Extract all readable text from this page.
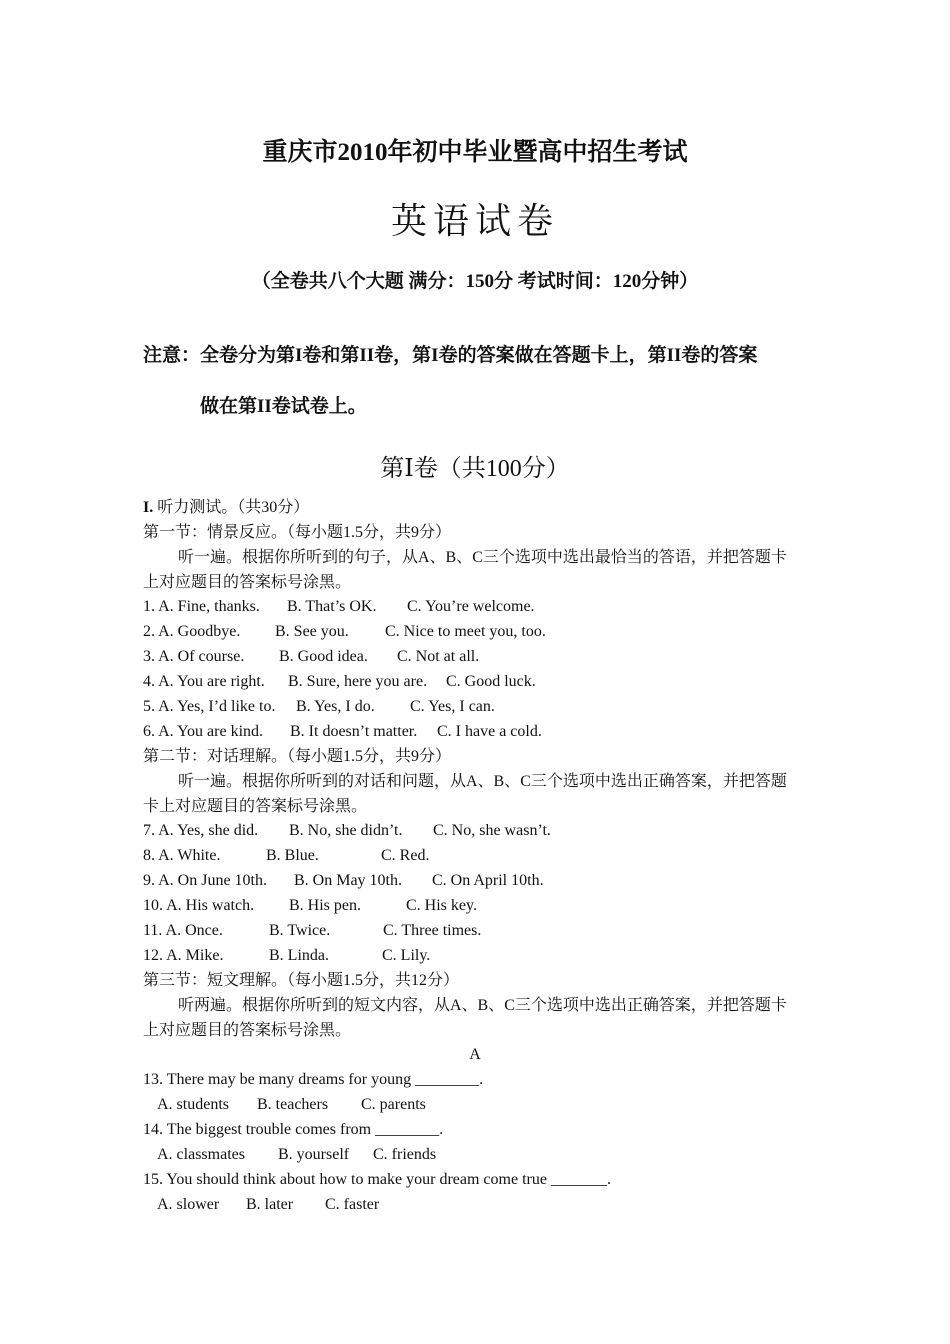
重庆市2010年初中毕业暨高中招生考试
英语试卷
（全卷共八个大题 满分：150分 考试时间：120分钟）
注意：全卷分为第I卷和第II卷，第I卷的答案做在答题卡上，第II卷的答案
做在第II卷试卷上。
第Ⅰ卷（共100分）
I. 听力测试。（共30分）
第一节：情景反应。（每小题1.5分，共9分）
听一遍。根据你所听到的句子，从A、B、C三个选项中选出最恰当的答语，并把答题卡
上对应题目的答案标号涂黑。
1. A. Fine, thanks. B. That’s OK. C. You’re welcome.
2. A. Goodbye. B. See you. C. Nice to meet you, too.
3. A. Of course. B. Good idea. C. Not at all.
4. A. You are right. B. Sure, here you are. C. Good luck.
5. A. Yes, I’d like to. B. Yes, I do. C. Yes, I can.
6. A. You are kind. B. It doesn’t matter. C. I have a cold.
第二节：对话理解。（每小题1.5分，共9分）
听一遍。根据你所听到的对话和问题，从A、B、C三个选项中选出正确答案，并把答题
卡上对应题目的答案标号涂黑。
7. A. Yes, she did. B. No, she didn’t. C. No, she wasn’t.
8. A. White.	B. Blue.	C. Red.
9. A. On June 10th. B. On May 10th. C. On April 10th.
10. A. His watch. B. His pen.	C. His key.
11. A. Once.	B. Twice.	C. Three times.
12. A. Mike.	B. Linda.	C. Lily.
第三节：短文理解。（每小题1.5分，共12分）
听两遍。根据你所听到的短文内容，从A、B、C三个选项中选出正确答案，并把答题卡
上对应题目的答案标号涂黑。
A
13. There may be many dreams for young ________.
A. students B. teachers C. parents
14. The biggest trouble comes from ________.
A. classmates B. yourself C. friends
15. You should think about how to make your dream come true _______.
A. slower B. later C. faster
